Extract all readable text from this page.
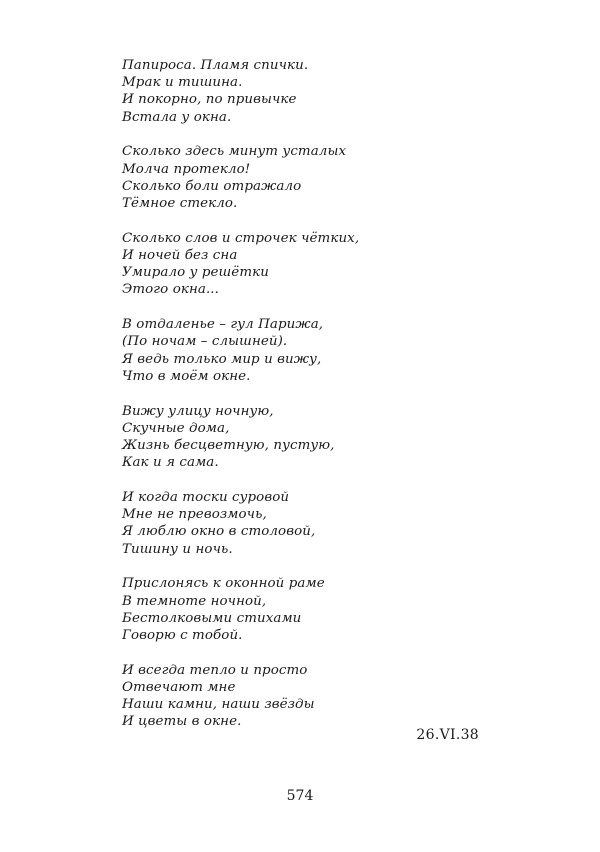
Папироса. Пламя спички.
Мрак и тишина.
И покорно, по привычке
Встала у окна.
Сколько здесь минут усталых
Молча протекло!
Сколько боли отражало
Тёмное стекло.
Сколько слов и строчек чётких,
И ночей без сна
Умирало у решётки
Этого окна...
В отдаленье – гул Парижа,
(По ночам – слышней).
Я ведь только мир и вижу,
Что в моём окне.
Вижу улицу ночную,
Скучные дома,
Жизнь бесцветную, пустую,
Как и я сама.
И когда тоски суровой
Мне не превозмочь,
Я люблю окно в столовой,
Тишину и ночь.
Прислонясь к оконной раме
В темноте ночной,
Бестолковыми стихами
Говорю с тобой.
И всегда тепло и просто
Отвечают мне
Наши камни, наши звёзды
И цветы в окне.
26.VI.38
574
